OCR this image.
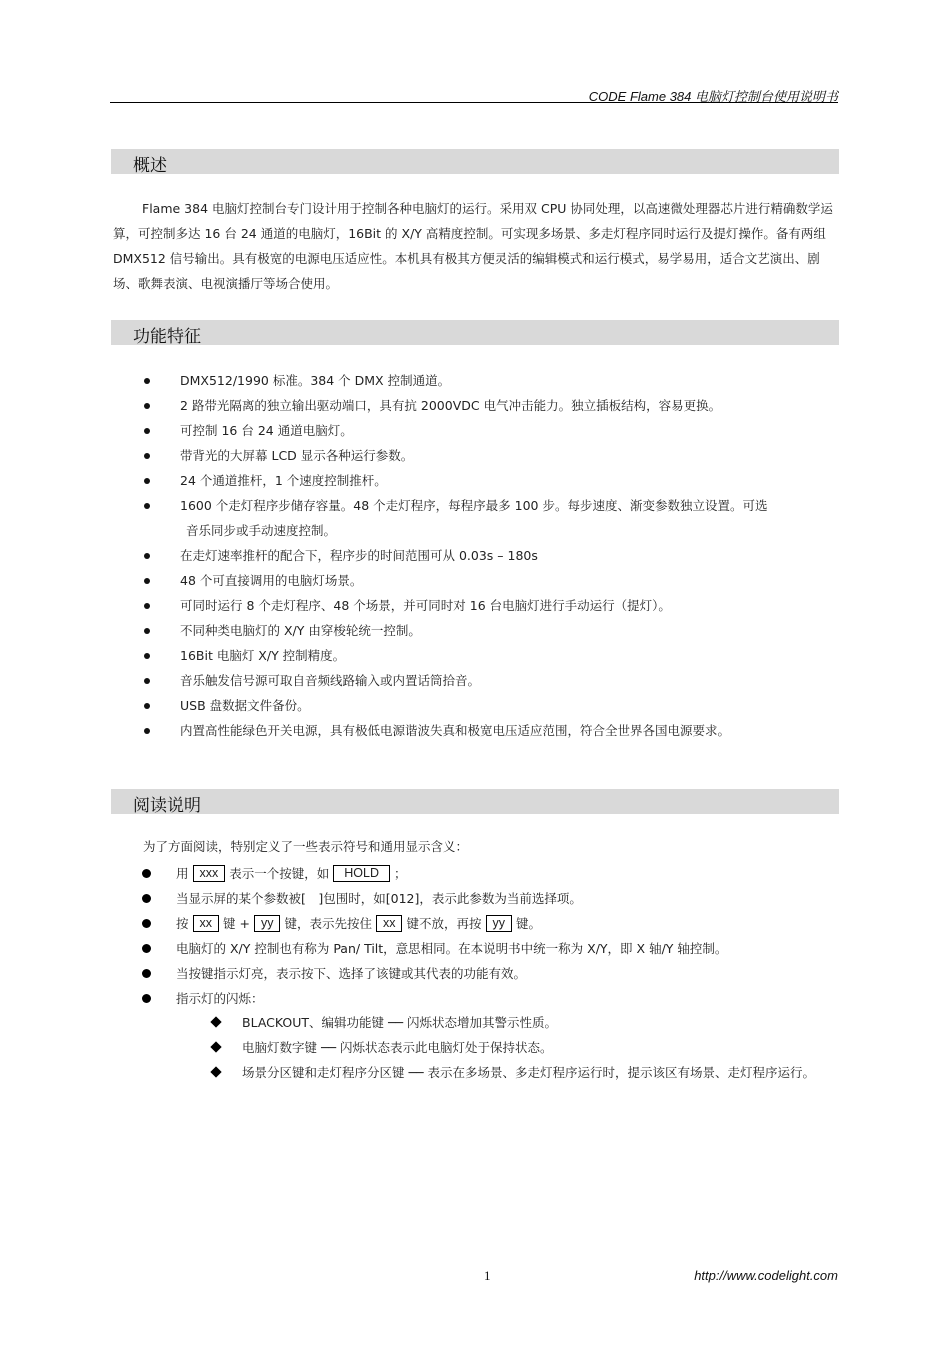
CODE Flame 384 电脑灯控制台使用说明书
概述
Flame 384 电脑灯控制台专门设计用于控制各种电脑灯的运行。采用双 CPU 协同处理，以高速微处理器芯片进行精确数学运算，可控制多达 16 台 24 通道的电脑灯，16Bit 的 X/Y 高精度控制。可实现多场景、多走灯程序同时运行及提灯操作。备有两组 DMX512 信号输出。具有极宽的电源电压适应性。本机具有极其方便灵活的编辑模式和运行模式，易学易用，适合文艺演出、剧场、歌舞表演、电视演播厅等场合使用。
功能特征
DMX512/1990 标准。384 个 DMX 控制通道。
2 路带光隔离的独立输出驱动端口，具有抗 2000VDC 电气冲击能力。独立插板结构，容易更换。
可控制 16 台 24 通道电脑灯。
带背光的大屏幕 LCD 显示各种运行参数。
24 个通道推杆，1 个速度控制推杆。
1600 个走灯程序步储存容量。48 个走灯程序，每程序最多 100 步。每步速度、渐变参数独立设置。可选
音乐同步或手动速度控制。
在走灯速率推杆的配合下，程序步的时间范围可从 0.03s – 180s
48 个可直接调用的电脑灯场景。
可同时运行 8 个走灯程序、48 个场景，并可同时对 16 台电脑灯进行手动运行（提灯）。
不同种类电脑灯的 X/Y 由穿梭轮统一控制。
16Bit 电脑灯 X/Y 控制精度。
音乐触发信号源可取自音频线路输入或内置话筒拾音。
USB 盘数据文件备份。
内置高性能绿色开关电源，具有极低电源谐波失真和极宽电压适应范围，符合全世界各国电源要求。
阅读说明
为了方面阅读，特别定义了一些表示符号和通用显示含义：
用 xxx 表示一个按键，如 HOLD ；
当显示屏的某个参数被[　]包围时，如[012]，表示此参数为当前选择项。
按 xx 键 + yy 键，表示先按住 xx 键不放，再按 yy 键。
电脑灯的 X/Y 控制也有称为 Pan/ Tilt，意思相同。在本说明书中统一称为 X/Y，即 X 轴/Y 轴控制。
当按键指示灯亮，表示按下、选择了该键或其代表的功能有效。
指示灯的闪烁：
BLACKOUT、编辑功能键 ── 闪烁状态增加其警示性质。
电脑灯数字键 ── 闪烁状态表示此电脑灯处于保持状态。
场景分区键和走灯程序分区键 ── 表示在多场景、多走灯程序运行时，提示该区有场景、走灯程序运行。
1	http://www.codelight.com
